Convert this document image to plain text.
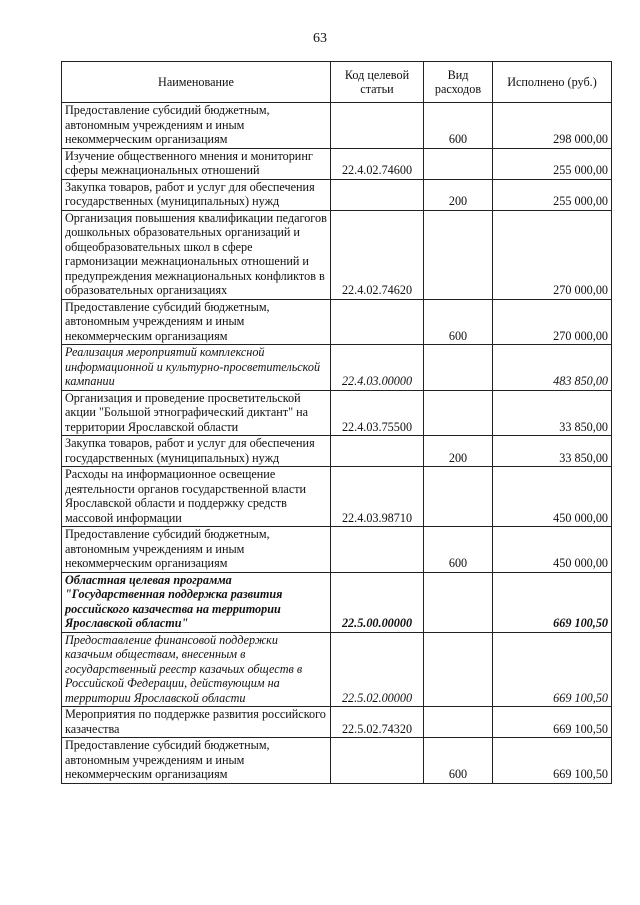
63
Наименование	Код целевой статьи	Вид расходов	Исполнено (руб.)
Предоставление субсидий бюджетным, автономным учреждениям и иным некоммерческим организациям		600	298 000,00
Изучение общественного мнения и мониторинг сферы межнациональных отношений	22.4.02.74600		255 000,00
Закупка товаров, работ и услуг для обеспечения государственных (муниципальных) нужд		200	255 000,00
Организация повышения квалификации педагогов дошкольных образовательных организаций и общеобразовательных школ в сфере гармонизации межнациональных отношений и предупреждения межнациональных конфликтов в образовательных организациях	22.4.02.74620		270 000,00
Предоставление субсидий бюджетным, автономным учреждениям и иным некоммерческим организациям		600	270 000,00
Реализация мероприятий комплексной информационной и культурно-просветительской кампании	22.4.03.00000		483 850,00
Организация и проведение просветительской акции "Большой этнографический диктант" на территории Ярославской области	22.4.03.75500		33 850,00
Закупка товаров, работ и услуг для обеспечения государственных (муниципальных) нужд		200	33 850,00
Расходы на информационное освещение деятельности органов государственной власти Ярославской области и поддержку средств массовой информации	22.4.03.98710		450 000,00
Предоставление субсидий бюджетным, автономным учреждениям и иным некоммерческим организациям		600	450 000,00
Областная целевая программа "Государственная поддержка развития российского казачества на территории Ярославской области"	22.5.00.00000		669 100,50
Предоставление финансовой поддержки казачьим обществам, внесенным в государственный реестр казачьих обществ в Российской Федерации, действующим на территории Ярославской области	22.5.02.00000		669 100,50
Мероприятия по поддержке развития российского казачества	22.5.02.74320		669 100,50
Предоставление субсидий бюджетным, автономным учреждениям и иным некоммерческим организациям		600	669 100,50
